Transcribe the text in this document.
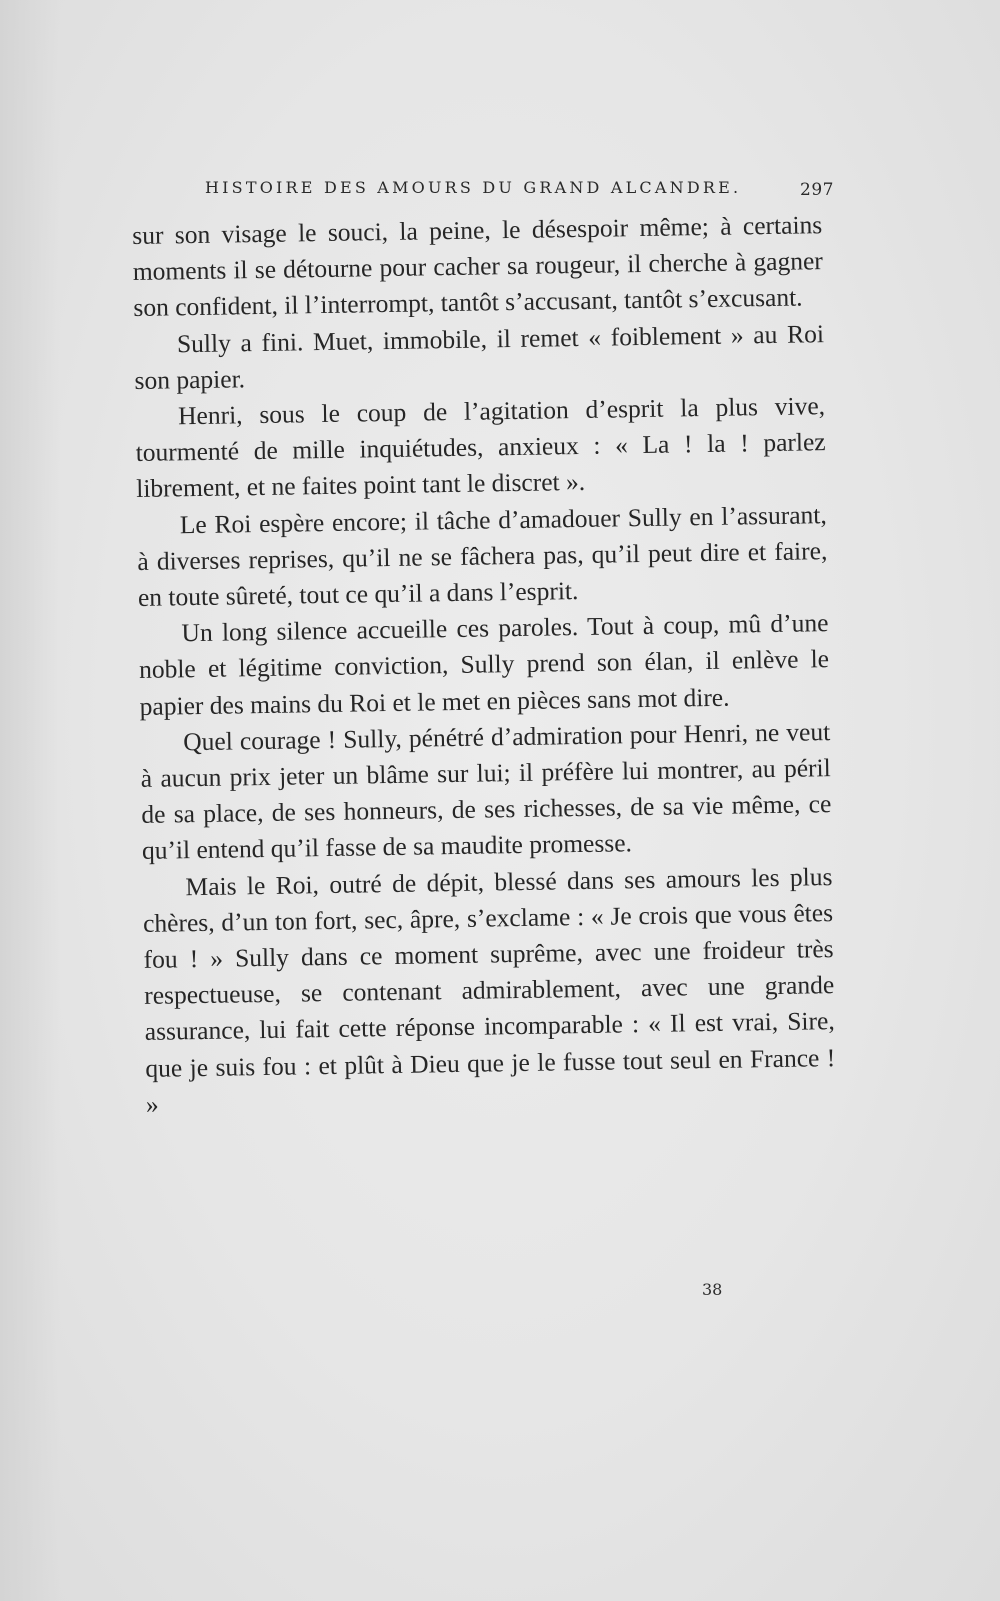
HISTOIRE DES AMOURS DU GRAND ALCANDRE.	297

sur son visage le souci, la peine, le désespoir même; à certains moments il se détourne pour cacher sa rougeur, il cherche à gagner son confident, il l’interrompt, tantôt s’accusant, tantôt s’excusant.

Sully a fini. Muet, immobile, il remet « foiblement » au Roi son papier.

Henri, sous le coup de l’agitation d’esprit la plus vive, tourmenté de mille inquiétudes, anxieux : « La ! la ! parlez librement, et ne faites point tant le discret ».

Le Roi espère encore; il tâche d’amadouer Sully en l’assurant, à diverses reprises, qu’il ne se fâchera pas, qu’il peut dire et faire, en toute sûreté, tout ce qu’il a dans l’esprit.

Un long silence accueille ces paroles. Tout à coup, mû d’une noble et légitime conviction, Sully prend son élan, il enlève le papier des mains du Roi et le met en pièces sans mot dire.

Quel courage ! Sully, pénétré d’admiration pour Henri, ne veut à aucun prix jeter un blâme sur lui; il préfère lui montrer, au péril de sa place, de ses honneurs, de ses richesses, de sa vie même, ce qu’il entend qu’il fasse de sa maudite promesse.

Mais le Roi, outré de dépit, blessé dans ses amours les plus chères, d’un ton fort, sec, âpre, s’exclame : « Je crois que vous êtes fou ! » Sully dans ce moment suprême, avec une froideur très respectueuse, se contenant admirablement, avec une grande assurance, lui fait cette réponse incomparable : « Il est vrai, Sire, que je suis fou : et plût à Dieu que je le fusse tout seul en France ! »

38
